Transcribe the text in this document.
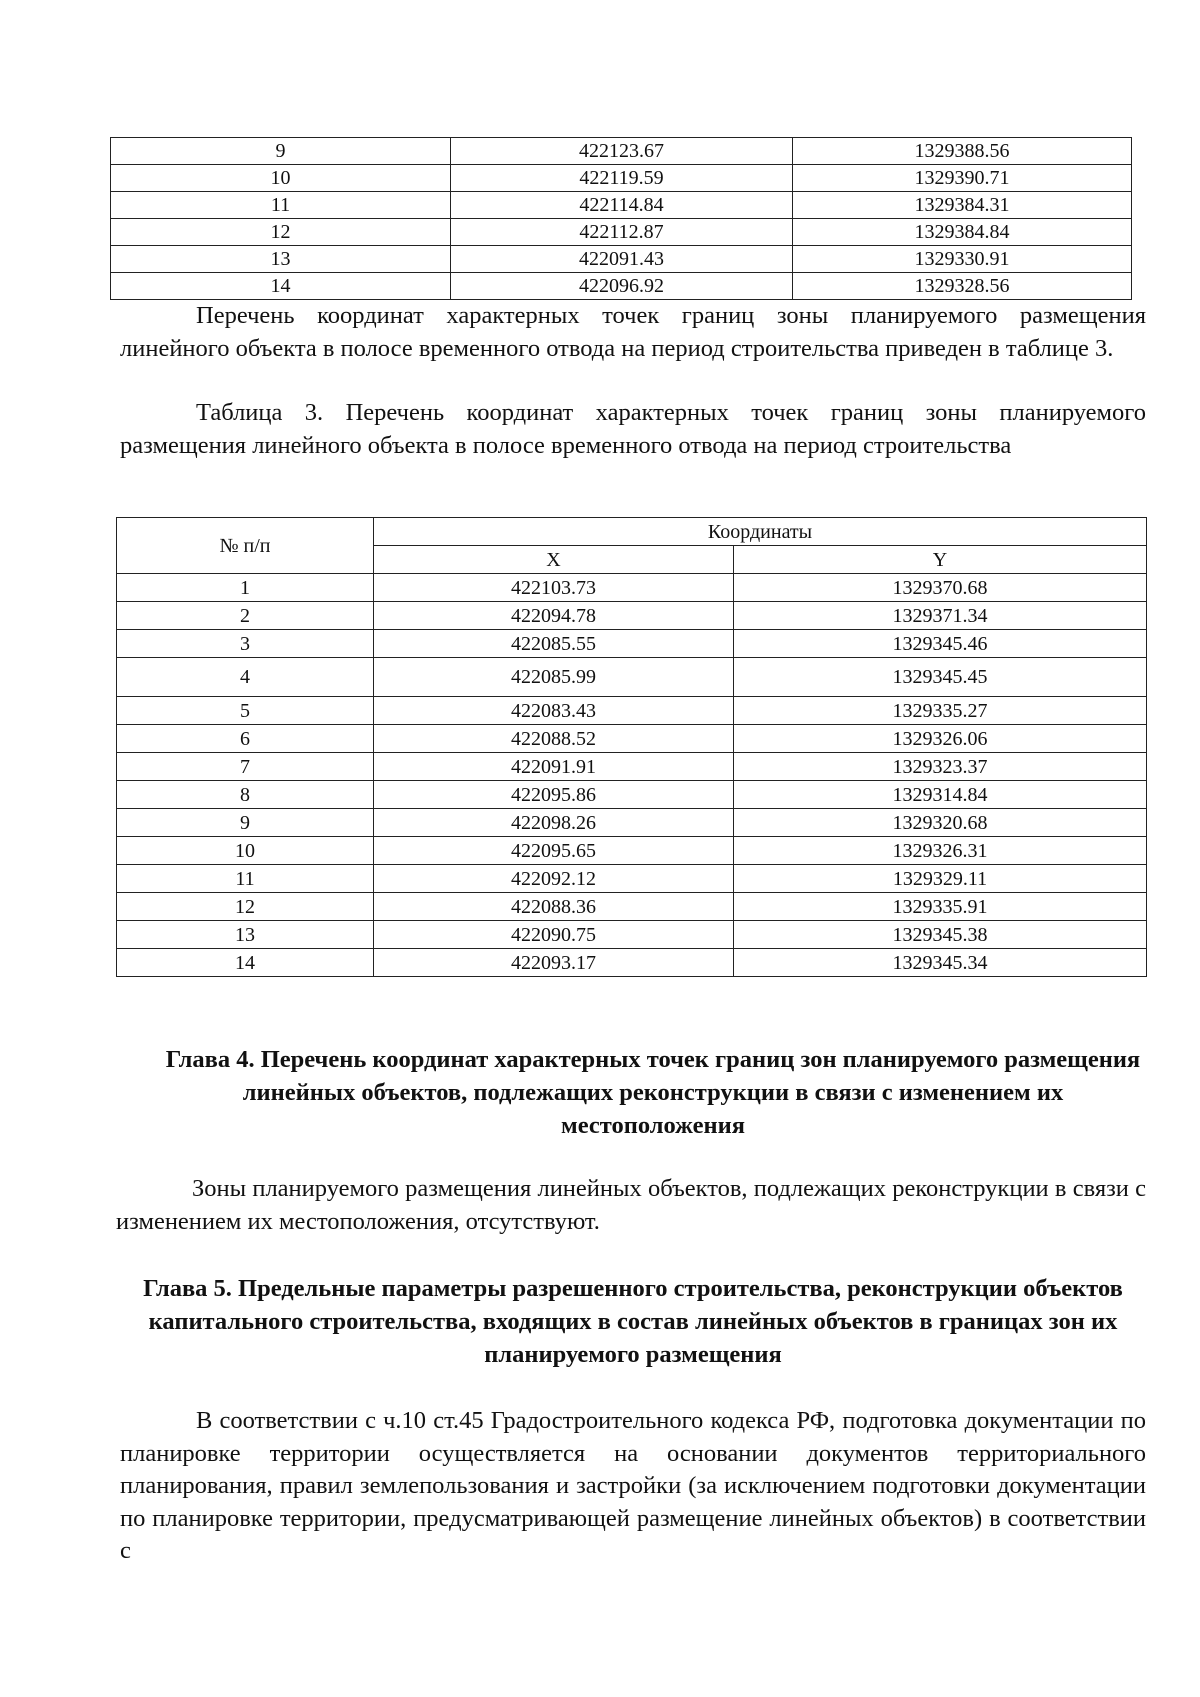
9	422123.67	1329388.56
10	422119.59	1329390.71
11	422114.84	1329384.31
12	422112.87	1329384.84
13	422091.43	1329330.91
14	422096.92	1329328.56

Перечень координат характерных точек границ зоны планируемого размещения линейного объекта в полосе временного отвода на период строительства приведен в таблице 3.

Таблица 3. Перечень координат характерных точек границ зоны планируемого размещения линейного объекта в полосе временного отвода на период строительства

№ п/п	Координаты	
	X	Y
1	422103.73	1329370.68
2	422094.78	1329371.34
3	422085.55	1329345.46
4	422085.99	1329345.45
5	422083.43	1329335.27
6	422088.52	1329326.06
7	422091.91	1329323.37
8	422095.86	1329314.84
9	422098.26	1329320.68
10	422095.65	1329326.31
11	422092.12	1329329.11
12	422088.36	1329335.91
13	422090.75	1329345.38
14	422093.17	1329345.34
Глава 4. Перечень координат характерных точек границ зон планируемого размещения линейных объектов, подлежащих реконструкции в связи с изменением их местоположения

Зоны планируемого размещения линейных объектов, подлежащих реконструкции в связи с изменением их местоположения, отсутствуют.

Глава 5. Предельные параметры разрешенного строительства, реконструкции объектов капитального строительства, входящих в состав линейных объектов в границах зон их планируемого размещения

В соответствии с ч.10 ст.45 Градостроительного кодекса РФ, подготовка документации по планировке территории осуществляется на основании документов территориального планирования, правил землепользования и застройки (за исключением подготовки документации по планировке территории, предусматривающей размещение линейных объектов) в соответствии с
